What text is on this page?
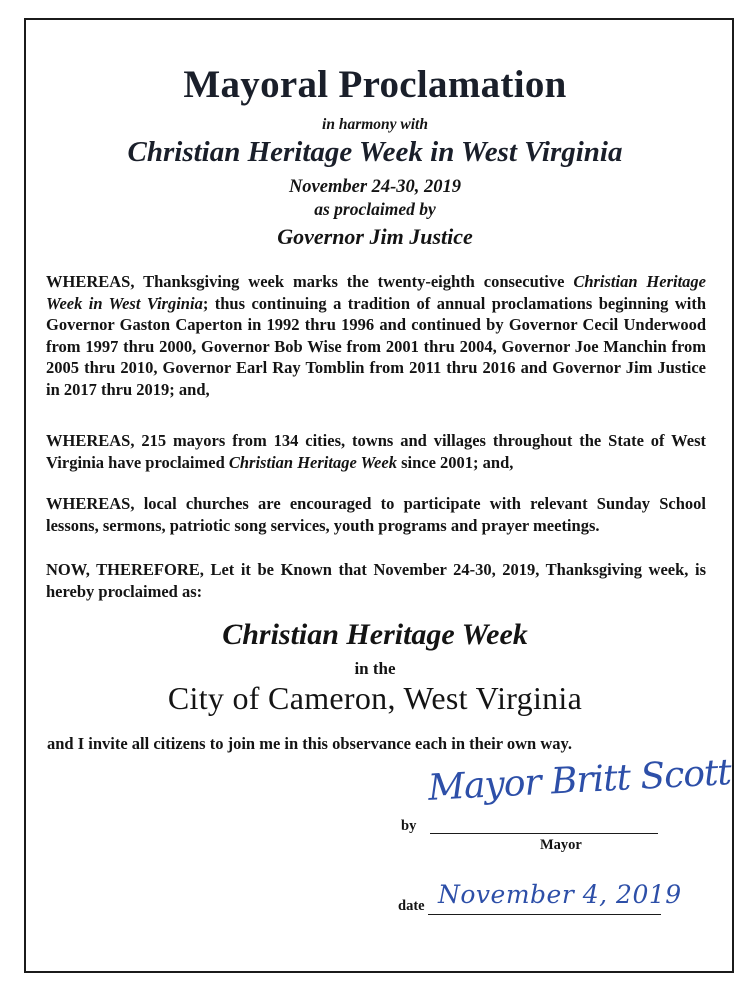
Mayoral Proclamation
in harmony with
Christian Heritage Week in West Virginia
November 24-30, 2019
as proclaimed by
Governor Jim Justice
WHEREAS, Thanksgiving week marks the twenty-eighth consecutive Christian Heritage Week in West Virginia; thus continuing a tradition of annual proclamations beginning with Governor Gaston Caperton in 1992 thru 1996 and continued by Governor Cecil Underwood from 1997 thru 2000, Governor Bob Wise from 2001 thru 2004, Governor Joe Manchin from 2005 thru 2010, Governor Earl Ray Tomblin from 2011 thru 2016 and Governor Jim Justice in 2017 thru 2019; and,
WHEREAS, 215 mayors from 134 cities, towns and villages throughout the State of West Virginia have proclaimed Christian Heritage Week since 2001; and,
WHEREAS, local churches are encouraged to participate with relevant Sunday School lessons, sermons, patriotic song services, youth programs and prayer meetings.
NOW, THEREFORE, Let it be Known that November 24-30, 2019, Thanksgiving week, is hereby proclaimed as:
Christian Heritage Week
in the
City of Cameron, West Virginia
and I invite all citizens to join me in this observance each in their own way.
by
Mayor Britt Scott
Mayor
date November 4, 2019
